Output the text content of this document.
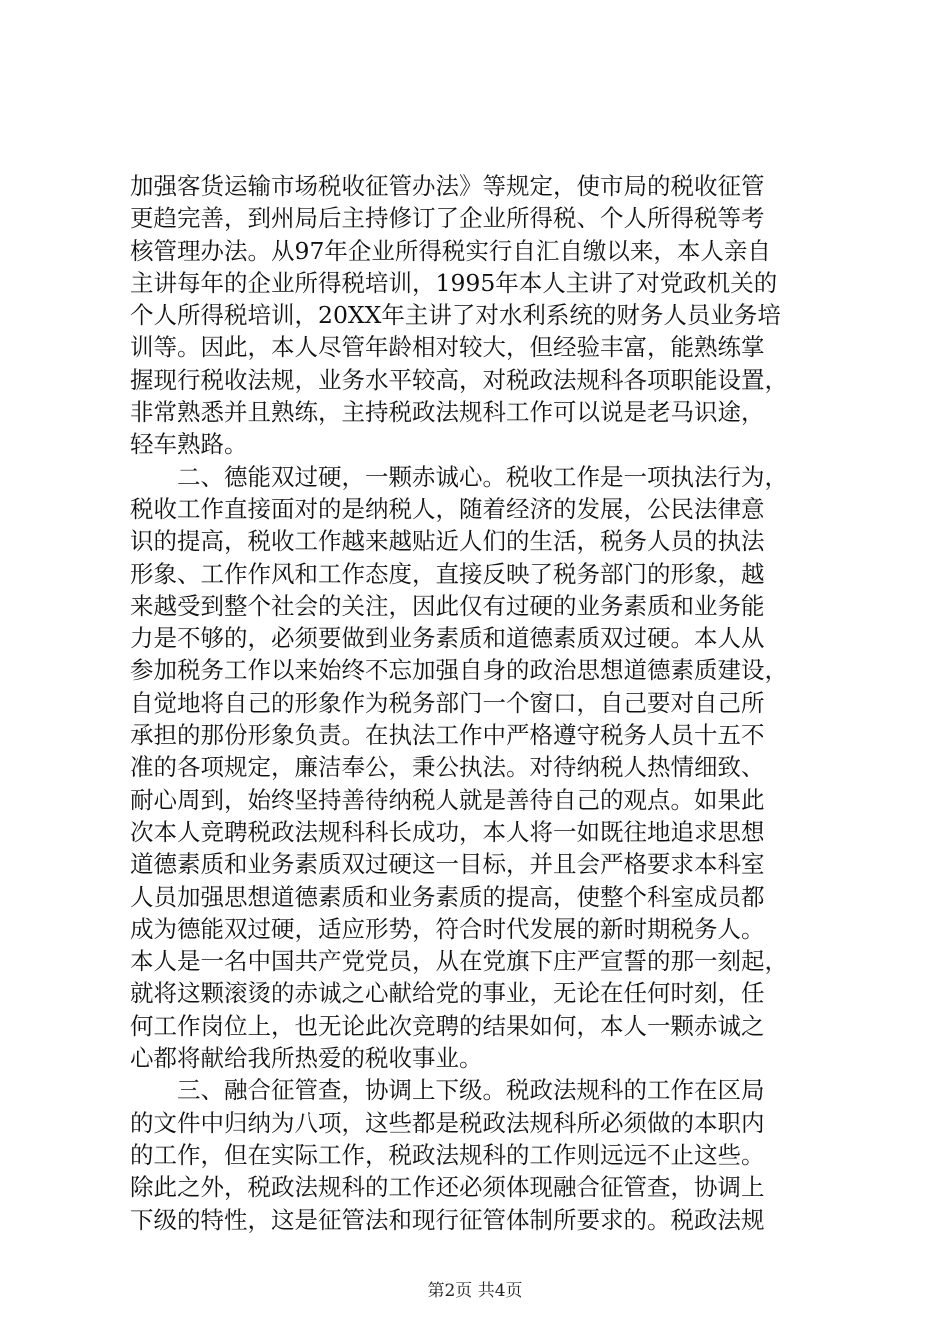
加强客货运输市场税收征管办法》等规定，使市局的税收征管
更趋完善，到州局后主持修订了企业所得税、个人所得税等考
核管理办法。从97年企业所得税实行自汇自缴以来，本人亲自
主讲每年的企业所得税培训，1995年本人主讲了对党政机关的
个人所得税培训，20XX年主讲了对水利系统的财务人员业务培
训等。因此，本人尽管年龄相对较大，但经验丰富，能熟练掌
握现行税收法规，业务水平较高，对税政法规科各项职能设置，
非常熟悉并且熟练，主持税政法规科工作可以说是老马识途，
轻车熟路。
　　二、德能双过硬，一颗赤诚心。税收工作是一项执法行为，
税收工作直接面对的是纳税人，随着经济的发展，公民法律意
识的提高，税收工作越来越贴近人们的生活，税务人员的执法
形象、工作作风和工作态度，直接反映了税务部门的形象，越
来越受到整个社会的关注，因此仅有过硬的业务素质和业务能
力是不够的，必须要做到业务素质和道德素质双过硬。本人从
参加税务工作以来始终不忘加强自身的政治思想道德素质建设，
自觉地将自己的形象作为税务部门一个窗口，自己要对自己所
承担的那份形象负责。在执法工作中严格遵守税务人员十五不
准的各项规定，廉洁奉公，秉公执法。对待纳税人热情细致、
耐心周到，始终坚持善待纳税人就是善待自己的观点。如果此
次本人竞聘税政法规科科长成功，本人将一如既往地追求思想
道德素质和业务素质双过硬这一目标，并且会严格要求本科室
人员加强思想道德素质和业务素质的提高，使整个科室成员都
成为德能双过硬，适应形势，符合时代发展的新时期税务人。
本人是一名中国共产党党员，从在党旗下庄严宣誓的那一刻起，
就将这颗滚烫的赤诚之心献给党的事业，无论在任何时刻，任
何工作岗位上，也无论此次竞聘的结果如何，本人一颗赤诚之
心都将献给我所热爱的税收事业。
　　三、融合征管查，协调上下级。税政法规科的工作在区局
的文件中归纳为八项，这些都是税政法规科所必须做的本职内
的工作，但在实际工作，税政法规科的工作则远远不止这些。
除此之外，税政法规科的工作还必须体现融合征管查，协调上
下级的特性，这是征管法和现行征管体制所要求的。税政法规
第2页 共4页
